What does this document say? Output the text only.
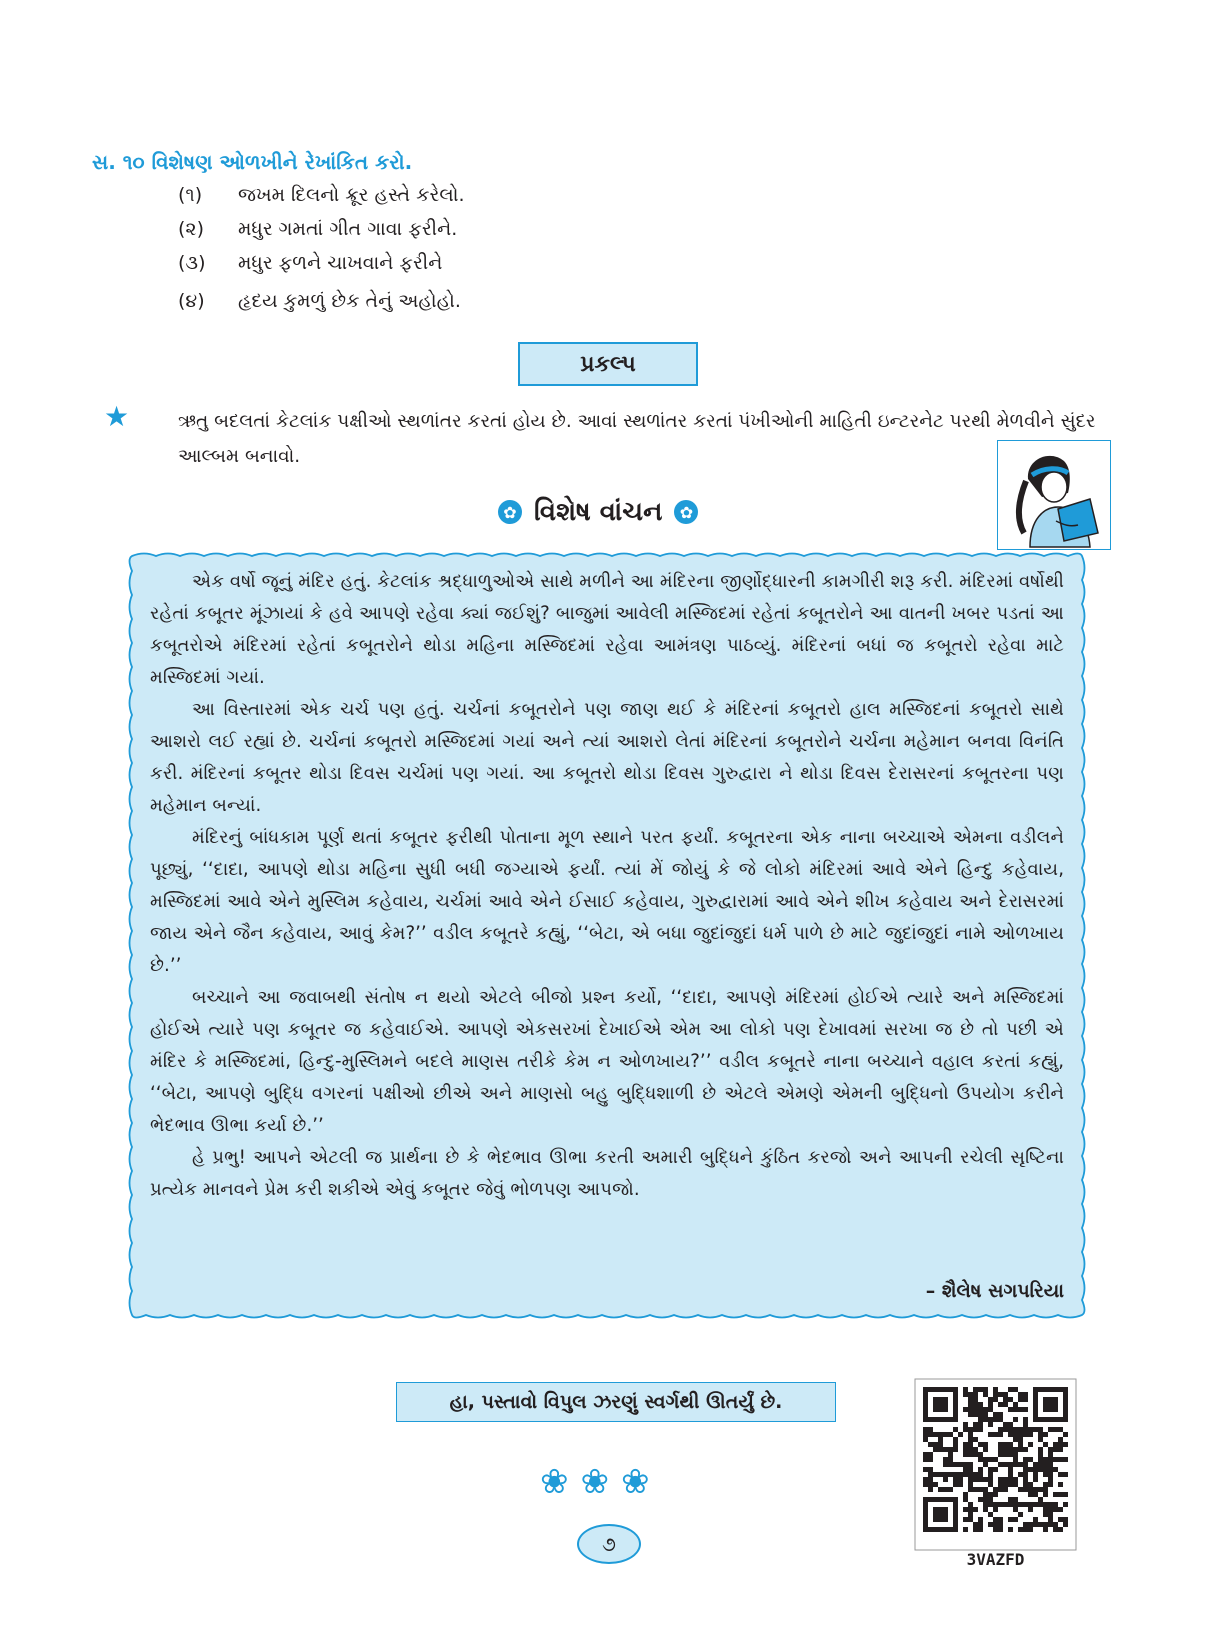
સ. ૧૦ વિશેષણ ઓળખીને રેખાંકિત કરો.
(૧) જખમ દિલનો ક્રૂર હસ્તે કરેલો.
(૨) મધુર ગમતાં ગીત ગાવા ફરીને.
(૩) મધુર ફળને ચાખવાને ફરીને
(૪) હૃદય કુમળું છેક તેનું અહોહો.
પ્રકલ્પ
★	ઋતુ બદલતાં કેટલાંક પક્ષીઓ સ્થળાંતર કરતાં હોય છે. આવાં સ્થળાંતર કરતાં પંખીઓની માહિતી ઇન્ટરનેટ પરથી મેળવીને સુંદર આલ્બમ બનાવો.
✿ વિશેષ વાંચન	✿

એક વર્ષો જૂનું મંદિર હતું. કેટલાંક શ્રદ્ધાળુઓએ સાથે મળીને આ મંદિરના જીર્ણોદ્ધારની કામગીરી શરૂ કરી. મંદિરમાં વર્ષોથી રહેતાં કબૂતર મૂંઝાયાં કે હવે આપણે રહેવા ક્યાં જઈશું? બાજુમાં આવેલી મસ્જિદમાં રહેતાં કબૂતરોને આ વાતની ખબર પડતાં આ કબૂતરોએ મંદિરમાં રહેતાં કબૂતરોને થોડા મહિના મસ્જિદમાં રહેવા આમંત્રણ પાઠવ્યું. મંદિરનાં બધાં જ કબૂતરો રહેવા માટે મસ્જિદમાં ગયાં.

આ વિસ્તારમાં એક ચર્ચ પણ હતું. ચર્ચનાં કબૂતરોને પણ જાણ થઈ કે મંદિરનાં કબૂતરો હાલ મસ્જિદનાં કબૂતરો સાથે આશરો લઈ રહ્યાં છે. ચર્ચનાં કબૂતરો મસ્જિદમાં ગયાં અને ત્યાં આશરો લેતાં મંદિરનાં કબૂતરોને ચર્ચના મહેમાન બનવા વિનંતિ કરી. મંદિરનાં કબૂતર થોડા દિવસ ચર્ચમાં પણ ગયાં. આ કબૂતરો થોડા દિવસ ગુરુદ્વારા ને થોડા દિવસ દેરાસરનાં કબૂતરના પણ મહેમાન બન્યાં.

મંદિરનું બાંધકામ પૂર્ણ થતાં કબૂતર ફરીથી પોતાના મૂળ સ્થાને પરત ફર્યાં. કબૂતરના એક નાના બચ્ચાએ એમના વડીલને પૂછ્યું, ‘‘દાદા, આપણે થોડા મહિના સુધી બધી જગ્યાએ ફર્યાં. ત્યાં મેં જોયું કે જે લોકો મંદિરમાં આવે એને હિન્દુ કહેવાય, મસ્જિદમાં આવે એને મુસ્લિમ કહેવાય, ચર્ચમાં આવે એને ઈસાઈ કહેવાય, ગુરુદ્વારામાં આવે એને શીખ કહેવાય અને દેરાસરમાં જાય એને જૈન કહેવાય, આવું કેમ?’’ વડીલ કબૂતરે કહ્યું, ‘‘બેટા, એ બધા જુદાંજુદાં ધર્મ પાળે છે માટે જુદાંજુદાં નામે ઓળખાય છે.’’

બચ્ચાને આ જવાબથી સંતોષ ન થયો એટલે બીજો પ્રશ્ન કર્યો, ‘‘દાદા, આપણે મંદિરમાં હોઈએ ત્યારે અને મસ્જિદમાં હોઈએ ત્યારે પણ કબૂતર જ કહેવાઈએ. આપણે એકસરખાં દેખાઈએ એમ આ લોકો પણ દેખાવમાં સરખા જ છે તો પછી એ મંદિર કે મસ્જિદમાં, હિન્દુ-મુસ્લિમને બદલે માણસ તરીકે કેમ ન ઓળખાય?’’ વડીલ કબૂતરે નાના બચ્ચાને વહાલ કરતાં કહ્યું, ‘‘બેટા, આપણે બુદ્ધિ વગરનાં પક્ષીઓ છીએ અને માણસો બહુ બુદ્ધિશાળી છે એટલે એમણે એમની બુદ્ધિનો ઉપયોગ કરીને ભેદભાવ ઊભા કર્યા છે.’’

હે પ્રભુ! આપને એટલી જ પ્રાર્થના છે કે ભેદભાવ ઊભા કરતી અમારી બુદ્ધિને કુંઠિત કરજો અને આપની રચેલી સૃષ્ટિના પ્રત્યેક માનવને પ્રેમ કરી શકીએ એવું કબૂતર જેવું ભોળપણ આપજો.

– શૈલેષ સગપરિયા
હા, પસ્તાવો વિપુલ ઝરણું સ્વર્ગથી ઊતર્યું છે.
❀❀❀
૭
3VAZFD
